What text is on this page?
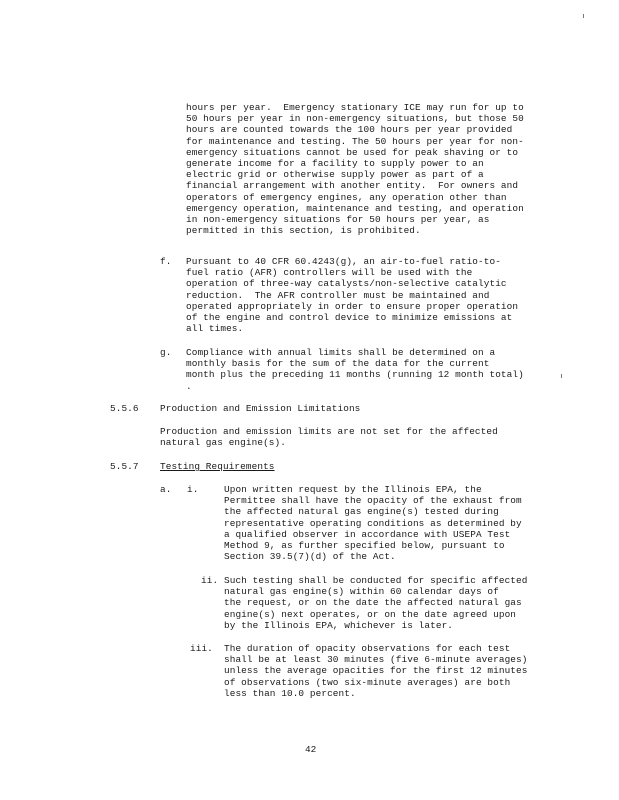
hours per year.  Emergency stationary ICE may run for up to
50 hours per year in non-emergency situations, but those 50
hours are counted towards the 100 hours per year provided
for maintenance and testing. The 50 hours per year for non-
emergency situations cannot be used for peak shaving or to
generate income for a facility to supply power to an
electric grid or otherwise supply power as part of a
financial arrangement with another entity.  For owners and
operators of emergency engines, any operation other than
emergency operation, maintenance and testing, and operation
in non-emergency situations for 50 hours per year, as
permitted in this section, is prohibited.
f. Pursuant to 40 CFR 60.4243(g), an air-to-fuel ratio-to-
fuel ratio (AFR) controllers will be used with the
operation of three-way catalysts/non-selective catalytic
reduction.  The AFR controller must be maintained and
operated appropriately in order to ensure proper operation
of the engine and control device to minimize emissions at
all times.
g. Compliance with annual limits shall be determined on a
monthly basis for the sum of the data for the current
month plus the preceding 11 months (running 12 month total)
.
5.5.6 Production and Emission Limitations
Production and emission limits are not set for the affected
natural gas engine(s).
5.5.7 Testing Requirements
a. i.	Upon written request by the Illinois EPA, the
Permittee shall have the opacity of the exhaust from
the affected natural gas engine(s) tested during
representative operating conditions as determined by
a qualified observer in accordance with USEPA Test
Method 9, as further specified below, pursuant to
Section 39.5(7)(d) of the Act.
ii. Such testing shall be conducted for specific affected
natural gas engine(s) within 60 calendar days of
the request, or on the date the affected natural gas
engine(s) next operates, or on the date agreed upon
by the Illinois EPA, whichever is later.
iii. The duration of opacity observations for each test
shall be at least 30 minutes (five 6-minute averages)
unless the average opacities for the first 12 minutes
of observations (two six-minute averages) are both
less than 10.0 percent.
42
